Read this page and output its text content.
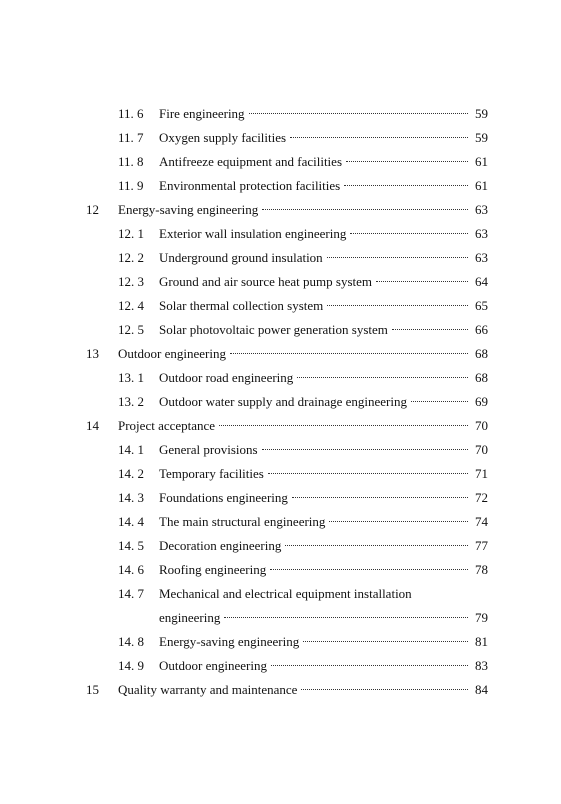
11. 6	Fire engineering	59
11. 7	Oxygen supply facilities	59
11. 8	Antifreeze equipment and facilities	61
11. 9	Environmental protection facilities	61
12	Energy-saving engineering	63
12. 1	Exterior wall insulation engineering	63
12. 2	Underground ground insulation	63
12. 3	Ground and air source heat pump system	64
12. 4	Solar thermal collection system	65
12. 5	Solar photovoltaic power generation system	66
13	Outdoor engineering	68
13. 1	Outdoor road engineering	68
13. 2	Outdoor water supply and drainage engineering	69
14	Project acceptance	70
14. 1	General provisions	70
14. 2	Temporary facilities	71
14. 3	Foundations engineering	72
14. 4	The main structural engineering	74
14. 5	Decoration engineering	77
14. 6	Roofing engineering	78
14. 7	Mechanical and electrical equipment installation
engineering	79
14. 8	Energy-saving engineering	81
14. 9	Outdoor engineering	83
15	Quality warranty and maintenance	84
